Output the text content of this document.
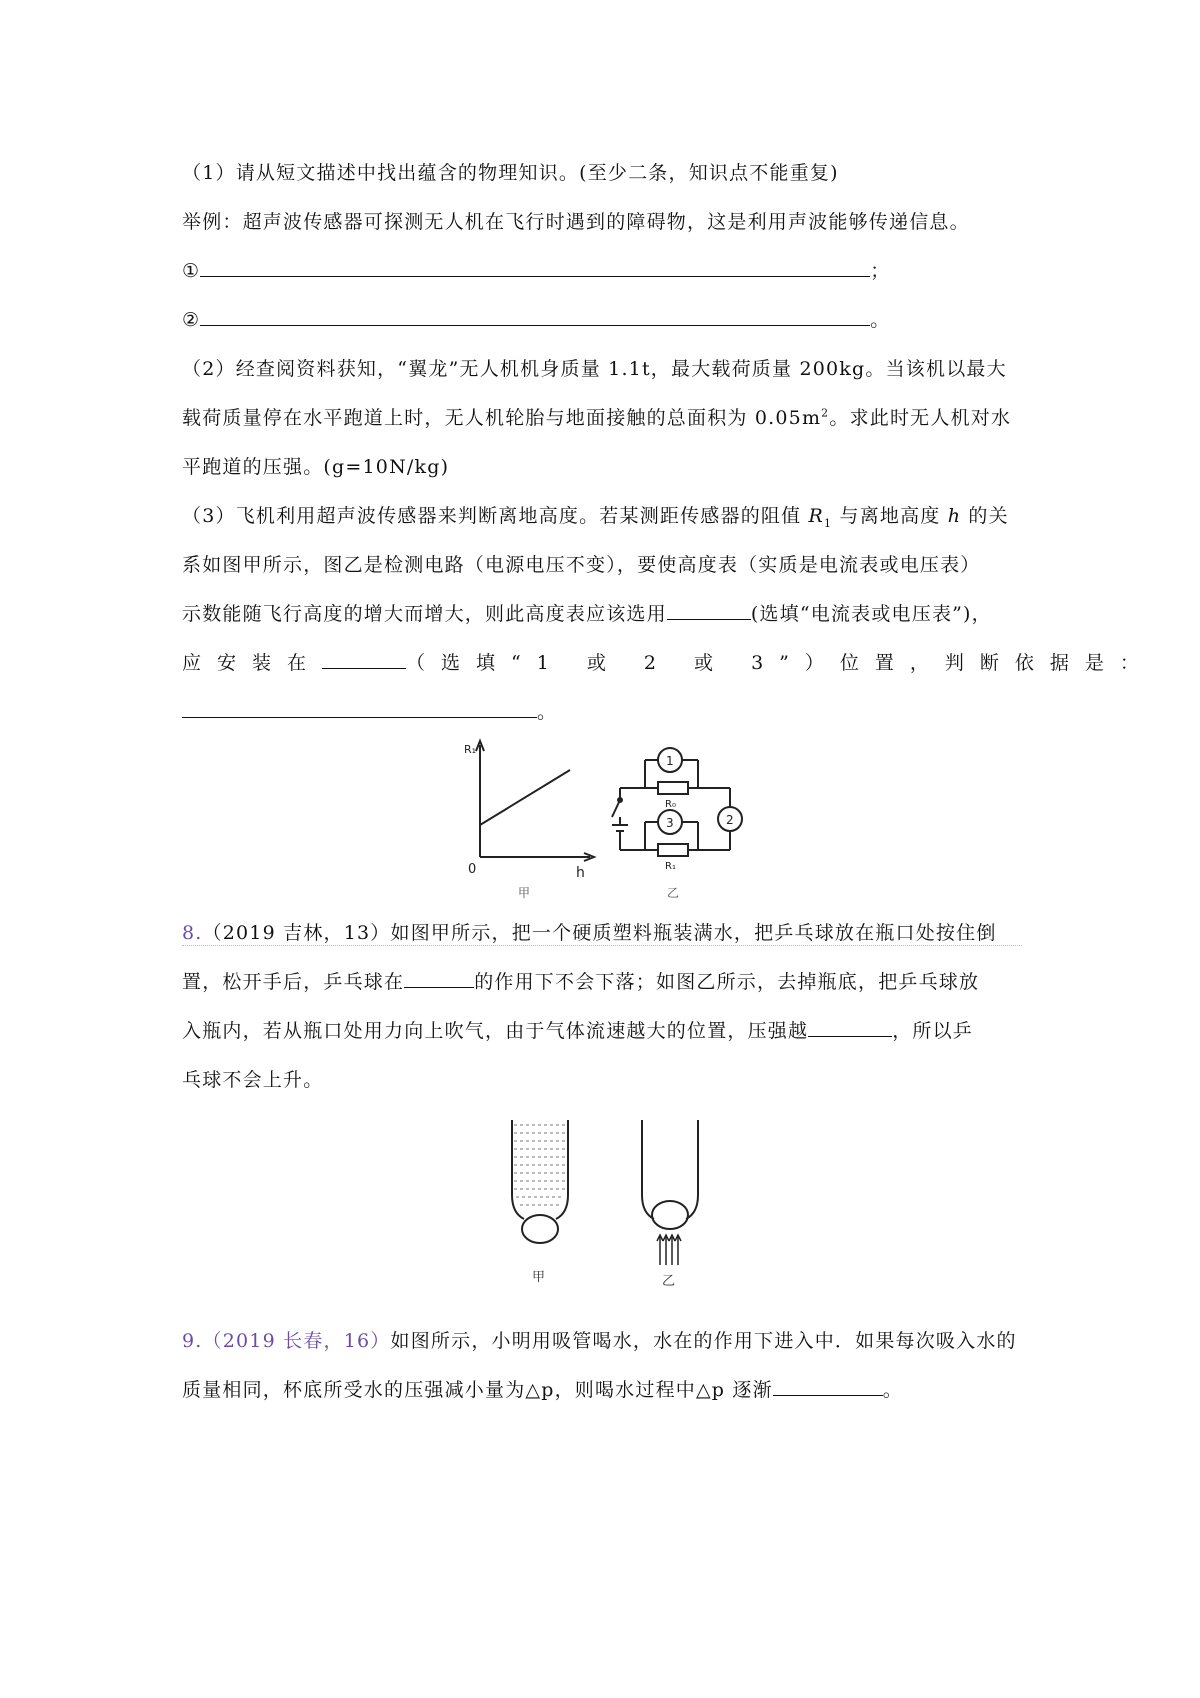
（1）请从短文描述中找出蕴含的物理知识。(至少二条，知识点不能重复)
举例：超声波传感器可探测无人机在飞行时遇到的障碍物，这是利用声波能够传递信息。
①	；
②	。
（2）经查阅资料获知，“翼龙”无人机机身质量 1.1t，最大载荷质量 200kg。当该机以最大
载荷质量停在水平跑道上时，无人机轮胎与地面接触的总面积为 $0.05m^2$。求此时无人机对水
平跑道的压强。(g=10N/kg)
（3）飞机利用超声波传感器来判断离地高度。若某测距传感器的阻值 $R_1$ 与离地高度 h 的关
系如图甲所示，图乙是检测电路（电源电压不变），要使高度表（实质是电流表或电压表）
示数能随飞行高度的增大而增大，则此高度表应该选用	(选填“电流表或电压表”)，
应安装在	（选填“1 或 2 或 3”）位置，判断依据是：
。
R₁
0	h
甲
1
2
3
R₀
R₁
乙
8.（2019 吉林，13）如图甲所示，把一个硬质塑料瓶装满水，把乒乓球放在瓶口处按住倒
置，松开手后，乒乓球在	的作用下不会下落；如图乙所示，去掉瓶底，把乒乓球放
入瓶内，若从瓶口处用力向上吹气，由于气体流速越大的位置，压强越	，所以乒
乓球不会上升。
甲	乙
9.（2019 长春，16）如图所示，小明用吸管喝水，水在的作用下进入中．如果每次吸入水的
质量相同，杯底所受水的压强减小量为△p，则喝水过程中△p 逐渐	。
